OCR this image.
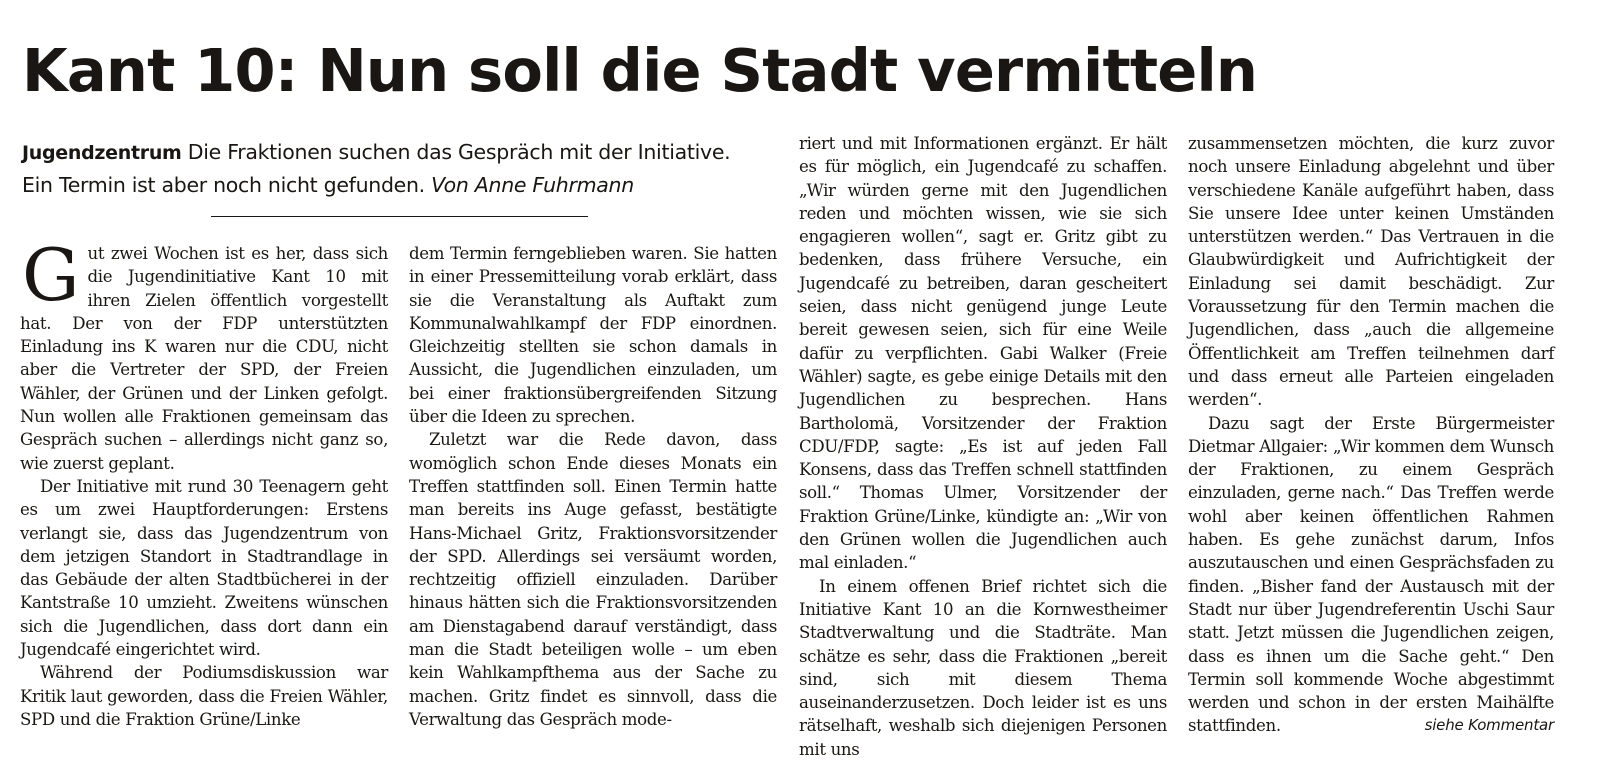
Kant 10: Nun soll die Stadt vermitteln
Jugendzentrum Die Fraktionen suchen das Gespräch mit der Initiative.
Ein Termin ist aber noch nicht gefunden. Von Anne Fuhrmann

Gut zwei Wochen ist es her, dass sich die Jugendinitiative Kant 10 mit ihren Zielen öffentlich vorgestellt hat. Der von der FDP unterstützten Einladung ins K waren nur die CDU, nicht aber die Vertreter der SPD, der Freien Wähler, der Grünen und der Linken gefolgt. Nun wollen alle Fraktionen gemeinsam das Gespräch suchen – allerdings nicht ganz so, wie zuerst geplant.

Der Initiative mit rund 30 Teenagern geht es um zwei Hauptforderungen: Erstens verlangt sie, dass das Jugendzentrum von dem jetzigen Standort in Stadtrandlage in das Gebäude der alten Stadtbücherei in der Kantstraße 10 umzieht. Zweitens wünschen sich die Jugendlichen, dass dort dann ein Jugendcafé eingerichtet wird.

Während der Podiumsdiskussion war Kritik laut geworden, dass die Freien Wähler, SPD und die Fraktion Grüne/Linke

dem Termin ferngeblieben waren. Sie hatten in einer Pressemitteilung vorab erklärt, dass sie die Veranstaltung als Auftakt zum Kommunalwahlkampf der FDP einordnen. Gleichzeitig stellten sie schon damals in Aussicht, die Jugendlichen einzuladen, um bei einer fraktionsübergreifenden Sitzung über die Ideen zu sprechen.

Zuletzt war die Rede davon, dass womöglich schon Ende dieses Monats ein Treffen stattfinden soll. Einen Termin hatte man bereits ins Auge gefasst, bestätigte Hans-Michael Gritz, Fraktionsvorsitzender der SPD. Allerdings sei versäumt worden, rechtzeitig offiziell einzuladen. Darüber hinaus hätten sich die Fraktionsvorsitzenden am Dienstagabend darauf verständigt, dass man die Stadt beteiligen wolle – um eben kein Wahlkampfthema aus der Sache zu machen. Gritz findet es sinnvoll, dass die Verwaltung das Gespräch mode-

riert und mit Informationen ergänzt. Er hält es für möglich, ein Jugendcafé zu schaffen. „Wir würden gerne mit den Jugendlichen reden und möchten wissen, wie sie sich engagieren wollen“, sagt er. Gritz gibt zu bedenken, dass frühere Versuche, ein Jugendcafé zu betreiben, daran gescheitert seien, dass nicht genügend junge Leute bereit gewesen seien, sich für eine Weile dafür zu verpflichten. Gabi Walker (Freie Wähler) sagte, es gebe einige Details mit den Jugendlichen zu besprechen. Hans Bartholomä, Vorsitzender der Fraktion CDU/FDP, sagte: „Es ist auf jeden Fall Konsens, dass das Treffen schnell stattfinden soll.“ Thomas Ulmer, Vorsitzender der Fraktion Grüne/Linke, kündigte an: „Wir von den Grünen wollen die Jugendlichen auch mal einladen.“

In einem offenen Brief richtet sich die Initiative Kant 10 an die Kornwestheimer Stadtverwaltung und die Stadträte. Man schätze es sehr, dass die Fraktionen „bereit sind, sich mit diesem Thema auseinanderzusetzen. Doch leider ist es uns rätselhaft, weshalb sich diejenigen Personen mit uns

zusammensetzen möchten, die kurz zuvor noch unsere Einladung abgelehnt und über verschiedene Kanäle aufgeführt haben, dass Sie unsere Idee unter keinen Umständen unterstützen werden.“ Das Vertrauen in die Glaubwürdigkeit und Aufrichtigkeit der Einladung sei damit beschädigt. Zur Voraussetzung für den Termin machen die Jugendlichen, dass „auch die allgemeine Öffentlichkeit am Treffen teilnehmen darf und dass erneut alle Parteien eingeladen werden“.

Dazu sagt der Erste Bürgermeister Dietmar Allgaier: „Wir kommen dem Wunsch der Fraktionen, zu einem Gespräch einzuladen, gerne nach.“ Das Treffen werde wohl aber keinen öffentlichen Rahmen haben. Es gehe zunächst darum, Infos auszutauschen und einen Gesprächsfaden zu finden. „Bisher fand der Austausch mit der Stadt nur über Jugendreferentin Uschi Saur statt. Jetzt müssen die Jugendlichen zeigen, dass es ihnen um die Sache geht.“ Den Termin soll kommende Woche abgestimmt werden und schon in der ersten Maihälfte stattfinden.	siehe Kommentar
